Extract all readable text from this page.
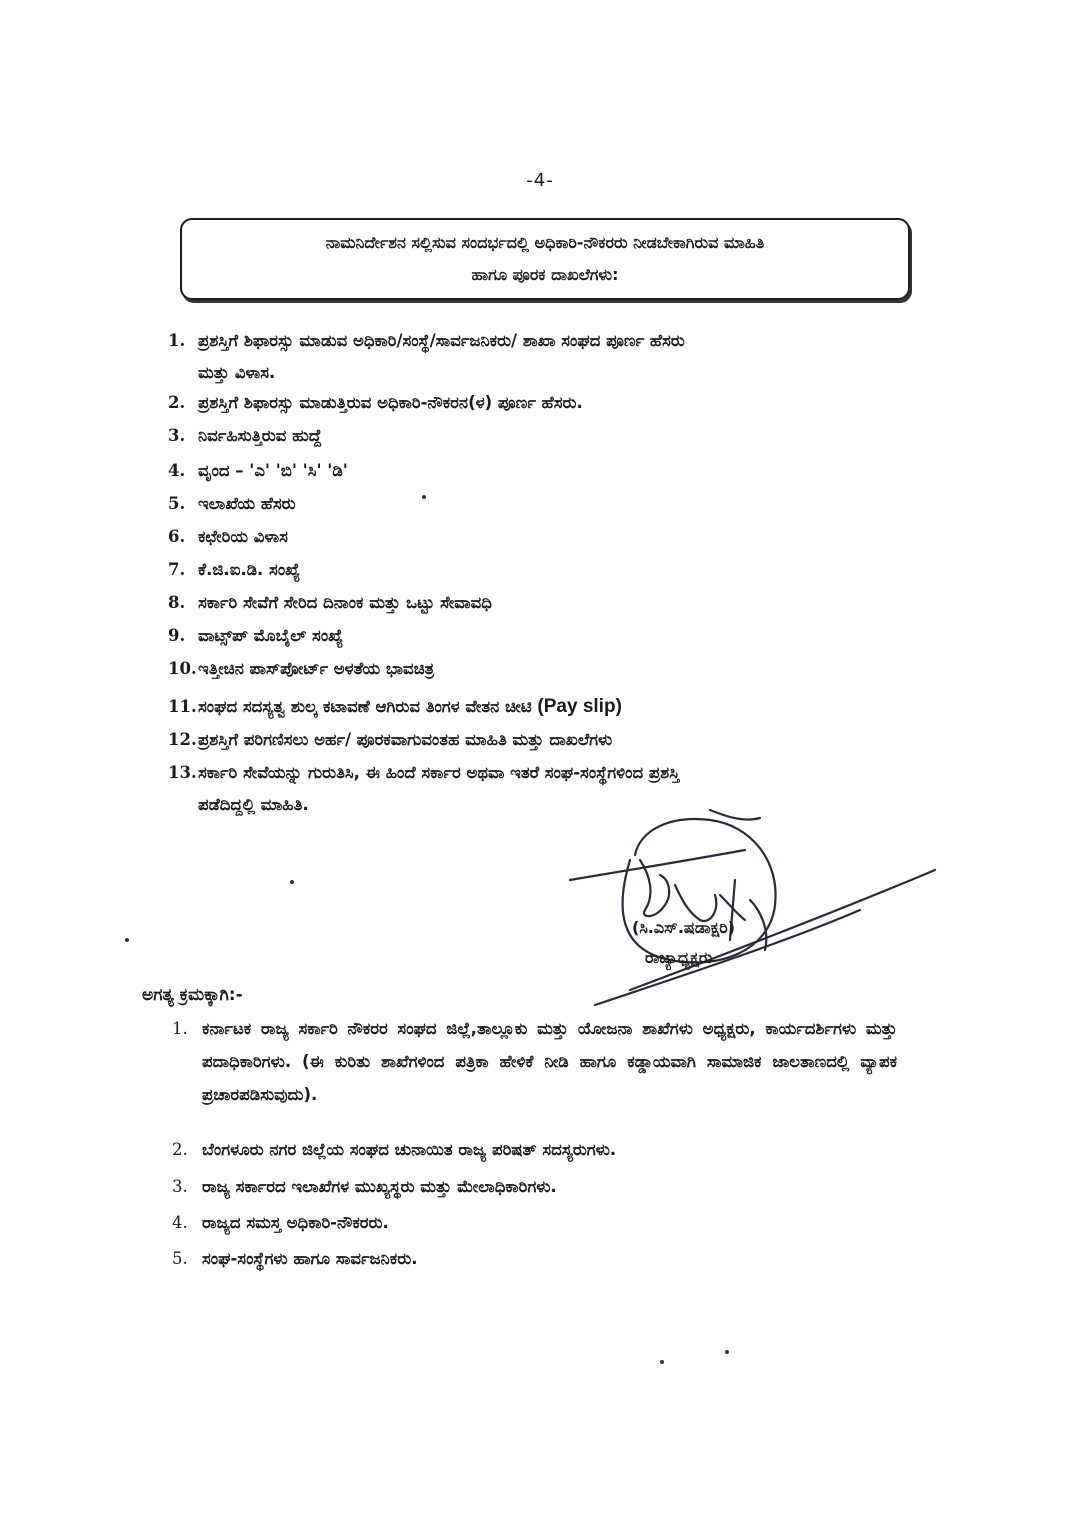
-4-
ನಾಮನಿರ್ದೇಶನ ಸಲ್ಲಿಸುವ ಸಂದರ್ಭದಲ್ಲಿ ಅಧಿಕಾರಿ-ನೌಕರರು ನೀಡಬೇಕಾಗಿರುವ ಮಾಹಿತಿ
ಹಾಗೂ ಪೂರಕ ದಾಖಲೆಗಳು:
1. ಪ್ರಶಸ್ತಿಗೆ ಶಿಫಾರಸ್ಸು ಮಾಡುವ ಅಧಿಕಾರಿ/ಸಂಸ್ಥೆ/ಸಾರ್ವಜನಿಕರು/ ಶಾಖಾ ಸಂಘದ ಪೂರ್ಣ ಹೆಸರು
ಮತ್ತು ವಿಳಾಸ.
2. ಪ್ರಶಸ್ತಿಗೆ ಶಿಫಾರಸ್ಸು ಮಾಡುತ್ತಿರುವ ಅಧಿಕಾರಿ-ನೌಕರನ(ಳ) ಪೂರ್ಣ ಹೆಸರು.
3. ನಿರ್ವಹಿಸುತ್ತಿರುವ ಹುದ್ದೆ
4. ವೃಂದ – 'ಎ' 'ಬಿ' 'ಸಿ' 'ಡಿ'
5. ಇಲಾಖೆಯ ಹೆಸರು
6. ಕಛೇರಿಯ ವಿಳಾಸ
7. ಕೆ.ಜಿ.ಐ.ಡಿ. ಸಂಖ್ಯೆ
8. ಸರ್ಕಾರಿ ಸೇವೆಗೆ ಸೇರಿದ ದಿನಾಂಕ ಮತ್ತು ಒಟ್ಟು ಸೇವಾವಧಿ
9. ವಾಟ್ಸ್‌ಪ್ ಮೊಬೈಲ್ ಸಂಖ್ಯೆ
10. ಇತ್ತೀಚಿನ ಪಾಸ್‌ಪೋರ್ಟ್ ಅಳತೆಯ ಭಾವಚಿತ್ರ
11. ಸಂಘದ ಸದಸ್ಯತ್ವ ಶುಲ್ಕ ಕಟಾವಣೆ ಆಗಿರುವ ತಿಂಗಳ ವೇತನ ಚೀಟಿ (Pay slip)
12. ಪ್ರಶಸ್ತಿಗೆ ಪರಿಗಣಿಸಲು ಅರ್ಹ/ ಪೂರಕವಾಗುವಂತಹ ಮಾಹಿತಿ ಮತ್ತು ದಾಖಲೆಗಳು
13. ಸರ್ಕಾರಿ ಸೇವೆಯನ್ನು ಗುರುತಿಸಿ, ಈ ಹಿಂದೆ ಸರ್ಕಾರ ಅಥವಾ ಇತರೆ ಸಂಘ-ಸಂಸ್ಥೆಗಳಿಂದ ಪ್ರಶಸ್ತಿ
ಪಡೆದಿದ್ದಲ್ಲಿ ಮಾಹಿತಿ.
(ಸಿ.ಎಸ್.ಷಡಾಕ್ಷರಿ)
ರಾಜ್ಯಾಧ್ಯಕ್ಷರು
ಅಗತ್ಯ ಕ್ರಮಕ್ಕಾಗಿ:-
1. ಕರ್ನಾಟಕ ರಾಜ್ಯ ಸರ್ಕಾರಿ ನೌಕರರ ಸಂಘದ ಜಿಲ್ಲೆ,ತಾಲ್ಲೂಕು ಮತ್ತು ಯೋಜನಾ ಶಾಖೆಗಳು ಅಧ್ಯಕ್ಷರು, ಕಾರ್ಯದರ್ಶಿಗಳು ಮತ್ತು ಪದಾಧಿಕಾರಿಗಳು. (ಈ ಕುರಿತು ಶಾಖೆಗಳಿಂದ ಪತ್ರಿಕಾ ಹೇಳಿಕೆ ನೀಡಿ ಹಾಗೂ ಕಡ್ಡಾಯವಾಗಿ ಸಾಮಾಜಿಕ ಜಾಲತಾಣದಲ್ಲಿ ವ್ಯಾಪಕ ಪ್ರಚಾರಪಡಿಸುವುದು).
2. ಬೆಂಗಳೂರು ನಗರ ಜಿಲ್ಲೆಯ ಸಂಘದ ಚುನಾಯಿತ ರಾಜ್ಯ ಪರಿಷತ್ ಸದಸ್ಯರುಗಳು.
3. ರಾಜ್ಯ ಸರ್ಕಾರದ ಇಲಾಖೆಗಳ ಮುಖ್ಯಸ್ಥರು ಮತ್ತು ಮೇಲಾಧಿಕಾರಿಗಳು.
4. ರಾಜ್ಯದ ಸಮಸ್ತ ಅಧಿಕಾರಿ-ನೌಕರರು.
5. ಸಂಘ-ಸಂಸ್ಥೆಗಳು ಹಾಗೂ ಸಾರ್ವಜನಿಕರು.
